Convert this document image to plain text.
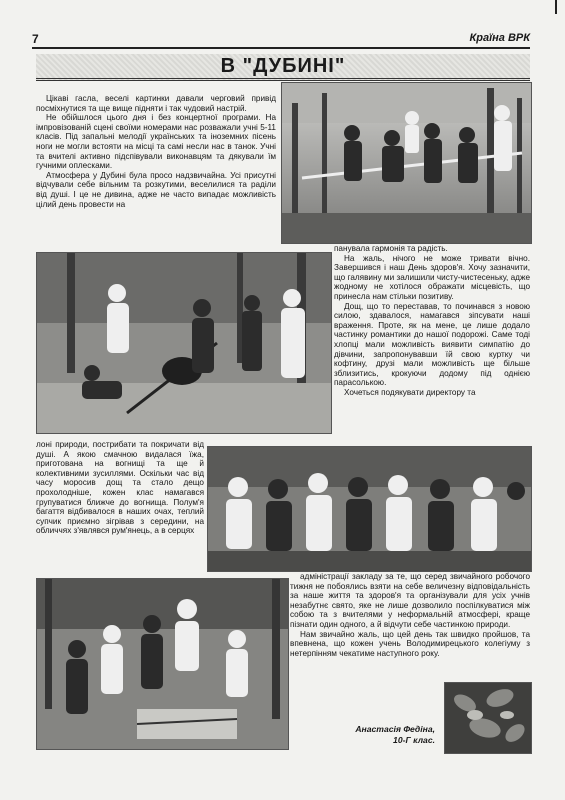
7	Країна ВРК
В "ДУБИНІ"

Цікаві гасла, веселі картинки давали черговий привід посміхнутися та ще вище підняти і так чудовий настрій.

Не обійшлося цього дня і без концертної програми. На імпровізованій сцені своїми номерами нас розважали учні 5-11 класів. Під запальні мелодії українських та іноземних пісень ноги не могли встояти на місці та самі несли нас в танок. Учні та вчителі активно підспівували виконавцям та дякували їм гучними оплесками.

Атмосфера у Дубині була просо надзвичайна. Усі присутні відчували себе вільним та розкутими, веселилися та раділи від душі. І це не дивина, адже не часто випадає можливість цілий день провести на

панувала гармонія та радість.

На жаль, нічого не може тривати вічно. Завершився і наш День здоров'я. Хочу зазначити, що галявину ми залишили чисту-чистесеньку, адже жодному не хотілося ображати місцевість, що принесла нам стільки позитиву.

Дощ, що то переставав, то починався з новою силою, здавалося, намагався зіпсувати наші враження. Проте, як на мене, це лише додало частинку романтики до нашої подорожі. Саме тоді хлопці мали можливість виявити симпатію до дівчини, запропонувавши їй свою куртку чи кофтину, друзі мали можливість ще більше зблизитись, крокуючи додому під однією парасолькою.

Хочеться подякувати директору та

лоні природи, пострибати та покричати від душі. А якою смачною видалася їжа, приготована на вогнищі та ще й колективними зусиллями. Оскільки час від часу моросив дощ та стало дещо прохолодніше, кожен клас намагався групуватися ближче до вогнища. Полум'я багаття відбивалося в наших очах, теплий супчик приємно зігрівав з середини, на обличчях з'являвся рум'янець, а в серцях

адміністрації закладу за те, що серед звичайного робочого тижня не побоялись взяти на себе величезну відповідальність за наше життя та здоров'я та організували для усіх учнів незабутнє свято, яке не лише дозволило поспілкуватися між собою та з вчителями у неформальній атмосфері, краще пізнати один одного, а й відчути себе частинкою природи.

Нам звичайно жаль, що цей день так швидко пройшов, та впевнена, що кожен учень Володимирецького колегіуму з нетерпінням чекатиме наступного року.

Анастасія Федіна,
10-Г клас.
